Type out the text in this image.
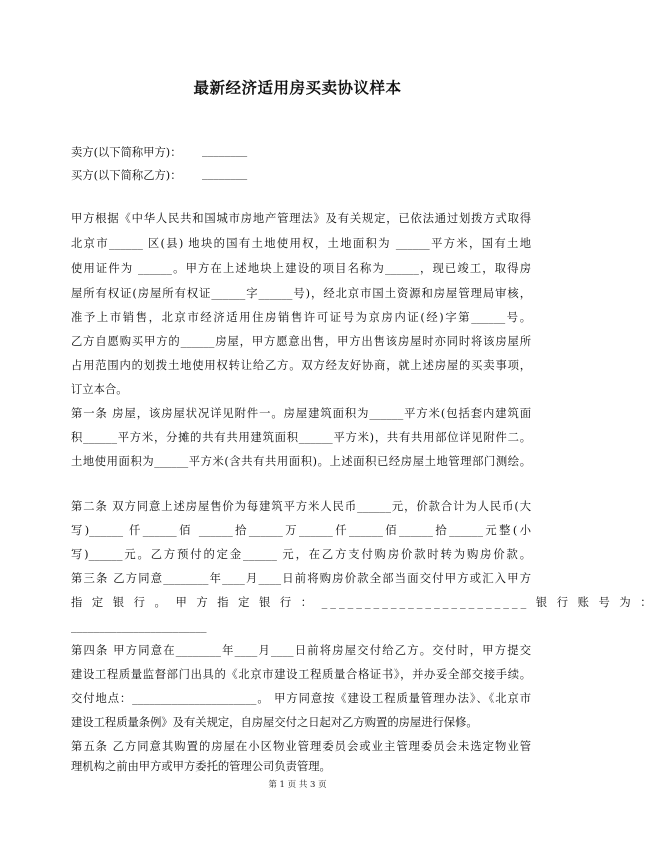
最新经济适用房买卖协议样本
卖方(以下简称甲方)： ________
买方(以下简称乙方)： ________
甲方根据《中华人民共和国城市房地产管理法》及有关规定，已依法通过划拨方式取得
北京市______ 区(县) 地块的国有土地使用权，土地面积为 ______平方米，国有土地
使用证件为 ______。甲方在上述地块上建设的项目名称为______，现已竣工，取得房
屋所有权证(房屋所有权证______字______号)，经北京市国土资源和房屋管理局审核，
准予上市销售，北京市经济适用住房销售许可证号为京房内证(经)字第______号。
乙方自愿购买甲方的______房屋，甲方愿意出售，甲方出售该房屋时亦同时将该房屋所
占用范围内的划拨土地使用权转让给乙方。双方经友好协商，就上述房屋的买卖事项，
订立本合。
第一条 房屋，该房屋状况详见附件一。房屋建筑面积为______平方米(包括套内建筑面
积______平方米，分摊的共有共用建筑面积______平方米)，共有共用部位详见附件二。
土地使用面积为______平方米(含共有共用面积)。上述面积已经房屋土地管理部门测绘。
第二条 双方同意上述房屋售价为每建筑平方米人民币______元，价款合计为人民币(大
写)______ 仟______佰 ______拾______万______仟______佰______拾______元整(小
写)______元。乙方预付的定金______ 元，在乙方支付购房价款时转为购房价款。
第三条 乙方同意________年____月____日前将购房价款全部当面交付甲方或汇入甲方
指 定 银 行 。 甲 方 指 定 银 行 ： ________________________ 银 行 账 号 为 ：
________________________
第四条 甲方同意在________年____月____日前将房屋交付给乙方。交付时，甲方提交
建设工程质量监督部门出具的《北京市建设工程质量合格证书》，并办妥全部交接手续。
交付地点：______________________。 甲方同意按《建设工程质量管理办法》、《北京市
建设工程质量条例》及有关规定，自房屋交付之日起对乙方购置的房屋进行保修。
第五条 乙方同意其购置的房屋在小区物业管理委员会或业主管理委员会未选定物业管
理机构之前由甲方或甲方委托的管理公司负责管理。
第 1 页 共 3 页
